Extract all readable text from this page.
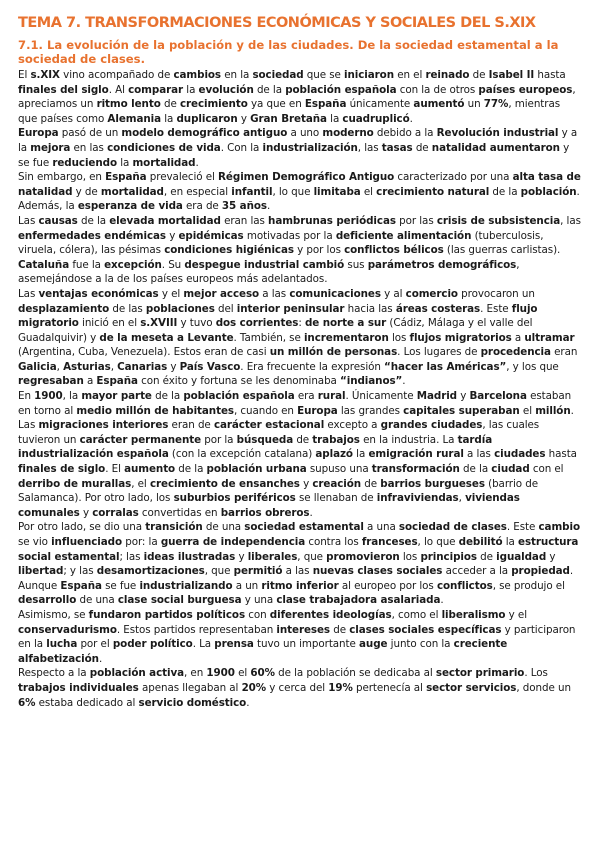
TEMA 7. TRANSFORMACIONES ECONÓMICAS Y SOCIALES DEL S.XIX
7.1. La evolución de la población y de las ciudades. De la sociedad estamental a la sociedad de clases.

El s.XIX vino acompañado de cambios en la sociedad que se iniciaron en el reinado de Isabel II hasta finales del siglo. Al comparar la evolución de la población española con la de otros países europeos, apreciamos un ritmo lento de crecimiento ya que en España únicamente aumentó un 77%, mientras que países como Alemania la duplicaron y Gran Bretaña la cuadruplicó.

Europa pasó de un modelo demográfico antiguo a uno moderno debido a la Revolución industrial y a la mejora en las condiciones de vida. Con la industrialización, las tasas de natalidad aumentaron y se fue reduciendo la mortalidad.

Sin embargo, en España prevaleció el Régimen Demográfico Antiguo caracterizado por una alta tasa de natalidad y de mortalidad, en especial infantil, lo que limitaba el crecimiento natural de la población. Además, la esperanza de vida era de 35 años.

Las causas de la elevada mortalidad eran las hambrunas periódicas por las crisis de subsistencia, las enfermedades endémicas y epidémicas motivadas por la deficiente alimentación (tuberculosis, viruela, cólera), las pésimas condiciones higiénicas y por los conflictos bélicos (las guerras carlistas).

Cataluña fue la excepción. Su despegue industrial cambió sus parámetros demográficos, asemejándose a la de los países europeos más adelantados.

Las ventajas económicas y el mejor acceso a las comunicaciones y al comercio provocaron un desplazamiento de las poblaciones del interior peninsular hacia las áreas costeras. Este flujo migratorio inició en el s.XVIII y tuvo dos corrientes: de norte a sur (Cádiz, Málaga y el valle del Guadalquivir) y de la meseta a Levante. También, se incrementaron los flujos migratorios a ultramar (Argentina, Cuba, Venezuela). Estos eran de casi un millón de personas. Los lugares de procedencia eran Galicia, Asturias, Canarias y País Vasco. Era frecuente la expresión “hacer las Américas”, y los que regresaban a España con éxito y fortuna se les denominaba “indianos”.

En 1900, la mayor parte de la población española era rural. Únicamente Madrid y Barcelona estaban en torno al medio millón de habitantes, cuando en Europa las grandes capitales superaban el millón.

Las migraciones interiores eran de carácter estacional excepto a grandes ciudades, las cuales tuvieron un carácter permanente por la búsqueda de trabajos en la industria. La tardía industrialización española (con la excepción catalana) aplazó la emigración rural a las ciudades hasta finales de siglo. El aumento de la población urbana supuso una transformación de la ciudad con el derribo de murallas, el crecimiento de ensanches y creación de barrios burgueses (barrio de Salamanca). Por otro lado, los suburbios periféricos se llenaban de infraviviendas, viviendas comunales y corralas convertidas en barrios obreros.

Por otro lado, se dio una transición de una sociedad estamental a una sociedad de clases. Este cambio se vio influenciado por: la guerra de independencia contra los franceses, lo que debilitó la estructura social estamental; las ideas ilustradas y liberales, que promovieron los principios de igualdad y libertad; y las desamortizaciones, que permitió a las nuevas clases sociales acceder a la propiedad. Aunque España se fue industrializando a un ritmo inferior al europeo por los conflictos, se produjo el desarrollo de una clase social burguesa y una clase trabajadora asalariada.

Asimismo, se fundaron partidos políticos con diferentes ideologías, como el liberalismo y el conservadurismo. Estos partidos representaban intereses de clases sociales específicas y participaron en la lucha por el poder político. La prensa tuvo un importante auge junto con la creciente alfabetización.

Respecto a la población activa, en 1900 el 60% de la población se dedicaba al sector primario. Los trabajos individuales apenas llegaban al 20% y cerca del 19% pertenecía al sector servicios, donde un 6% estaba dedicado al servicio doméstico.
